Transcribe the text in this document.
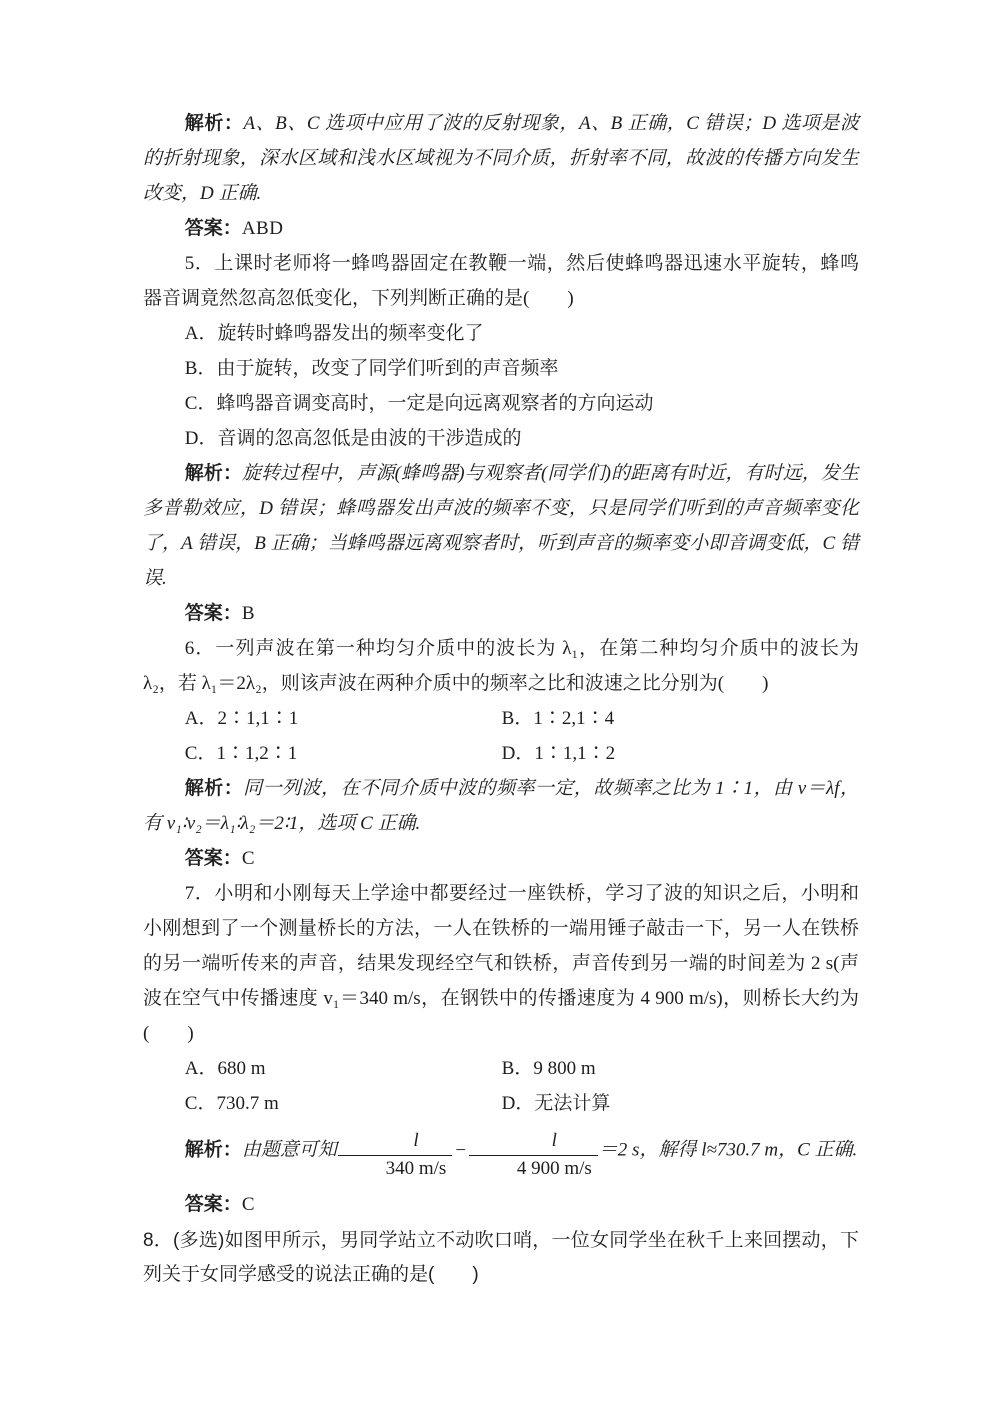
解析：A、B、C 选项中应用了波的反射现象，A、B 正确，C 错误；D 选项是波的折射现象，深水区域和浅水区域视为不同介质，折射率不同，故波的传播方向发生改变，D 正确.

答案：ABD

5．上课时老师将一蜂鸣器固定在教鞭一端，然后使蜂鸣器迅速水平旋转，蜂鸣器音调竟然忽高忽低变化，下列判断正确的是(　　)

A．旋转时蜂鸣器发出的频率变化了

B．由于旋转，改变了同学们听到的声音频率

C．蜂鸣器音调变高时，一定是向远离观察者的方向运动

D．音调的忽高忽低是由波的干涉造成的

解析：旋转过程中，声源(蜂鸣器)与观察者(同学们)的距离有时近，有时远，发生多普勒效应，D 错误；蜂鸣器发出声波的频率不变，只是同学们听到的声音频率变化了，A 错误，B 正确；当蜂鸣器远离观察者时，听到声音的频率变小即音调变低，C 错误.

答案：B

6．一列声波在第一种均匀介质中的波长为 λ₁，在第二种均匀介质中的波长为 λ₂，若 λ₁＝2λ₂，则该声波在两种介质中的频率之比和波速之比分别为(　　)

A．2∶1,1∶1	B．1∶2,1∶4

C．1∶1,2∶1	D．1∶1,1∶2

解析：同一列波，在不同介质中波的频率一定，故频率之比为 1∶1，由 v＝λf，有 v₁∶v₂＝λ₁∶λ₂＝2∶1，选项 C 正确.

答案：C

7．小明和小刚每天上学途中都要经过一座铁桥，学习了波的知识之后，小明和小刚想到了一个测量桥长的方法，一人在铁桥的一端用锤子敲击一下，另一人在铁桥的另一端听传来的声音，结果发现经空气和铁桥，声音传到另一端的时间差为 2 s(声波在空气中传播速度 v₁＝340 m/s，在钢铁中的传播速度为 4 900 m/s)，则桥长大约为(　　)

A．680 m	B．9 800 m

C．730.7 m	D．无法计算

解析：由题意可知 $\frac{l}{340 m/s} - \frac{l}{4 900 m/s} =2$ s，解得 l≈730.7 m，C 正确.

答案：C

8．(多选)如图甲所示，男同学站立不动吹口哨，一位女同学坐在秋千上来回摆动，下列关于女同学感受的说法正确的是(　　)
